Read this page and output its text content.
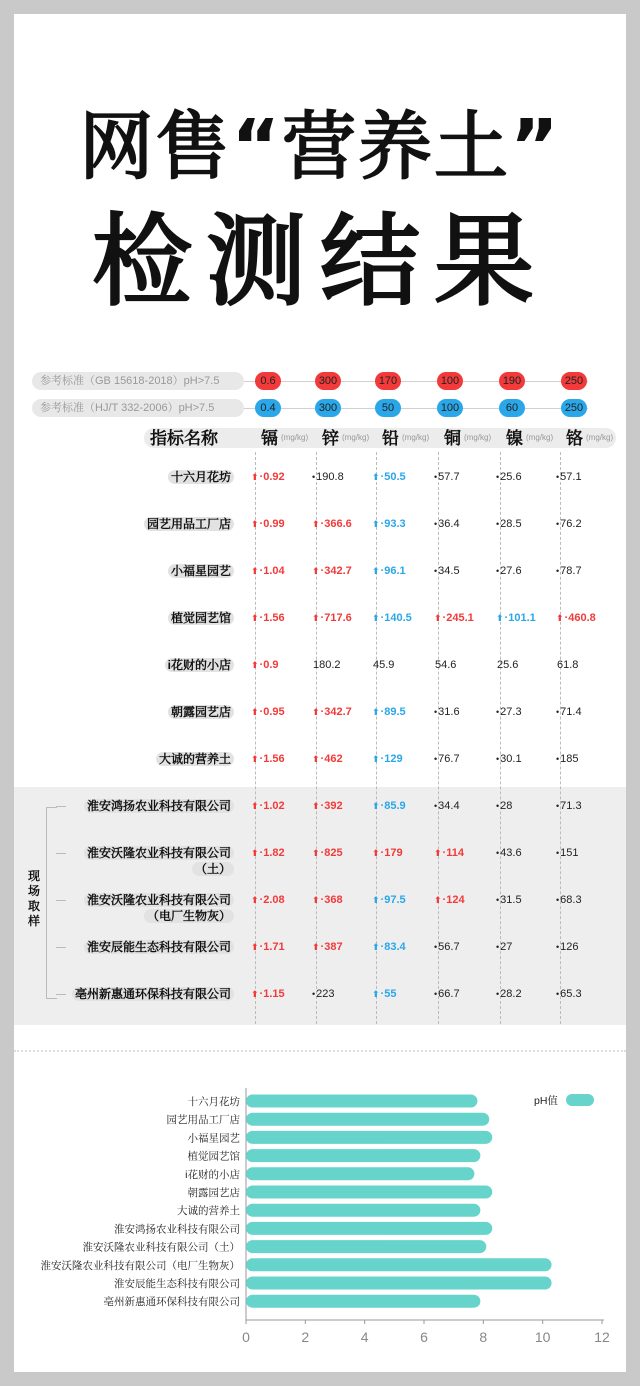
网售“营养土”
检测结果
参考标准（GB 15618-2018）pH>7.5	0.6	300	170	100	190	250
参考标准（HJ/T 332-2006）pH>7.5	0.4	300	50	100	60	250
指标名称	镉 (mg/kg) 锌 (mg/kg) 铅 (mg/kg) 铜 (mg/kg) 镍 (mg/kg) 铬 (mg/kg)
现场取样
十六月花坊	⬆·0.92	•190.8	⬆·50.5	•57.7	•25.6	•57.1
园艺用品工厂店	⬆·0.99	⬆·366.6 ⬆·93.3	•36.4	•28.5	•76.2
小福星园艺	⬆·1.04	⬆·342.7 ⬆·96.1	•34.5	•27.6	•78.7
植觉园艺馆	⬆·1.56	⬆·717.6 ⬆·140.5 ⬆·245.1 ⬆·101.1 ⬆·460.8
i花财的小店	⬆·0.9	180.2	45.9	54.6	25.6	61.8
朝露园艺店	⬆·0.95	⬆·342.7 ⬆·89.5	•31.6	•27.3	•71.4
大诚的营养土	⬆·1.56	⬆·462	⬆·129	•76.7	•30.1	•185
淮安鸿扬农业科技有限公司	⬆·1.02	⬆·392	⬆·85.9	•34.4	•28	•71.3
淮安沃隆农业科技有限公司
（土）
⬆·1.82	⬆·825	⬆·179	⬆·114	•43.6	•151
淮安沃隆农业科技有限公司
（电厂生物灰）
⬆·2.08	⬆·368	⬆·97.5	⬆·124	•31.5	•68.3
淮安辰能生态科技有限公司	⬆·1.71	⬆·387	⬆·83.4	•56.7	•27	•126
亳州新惠通环保科技有限公司	⬆·1.15	•223	⬆·55	•66.7	•28.2	•65.3
十六月花坊
园艺用品工厂店
小福星园艺
植觉园艺馆
i花财的小店
朝露园艺店
大诚的营养土
淮安鸿扬农业科技有限公司
淮安沃隆农业科技有限公司（土）
淮安沃隆农业科技有限公司（电厂生物灰）
淮安辰能生态科技有限公司
亳州新惠通环保科技有限公司
0	2	4	6	8	10	12
pH值
